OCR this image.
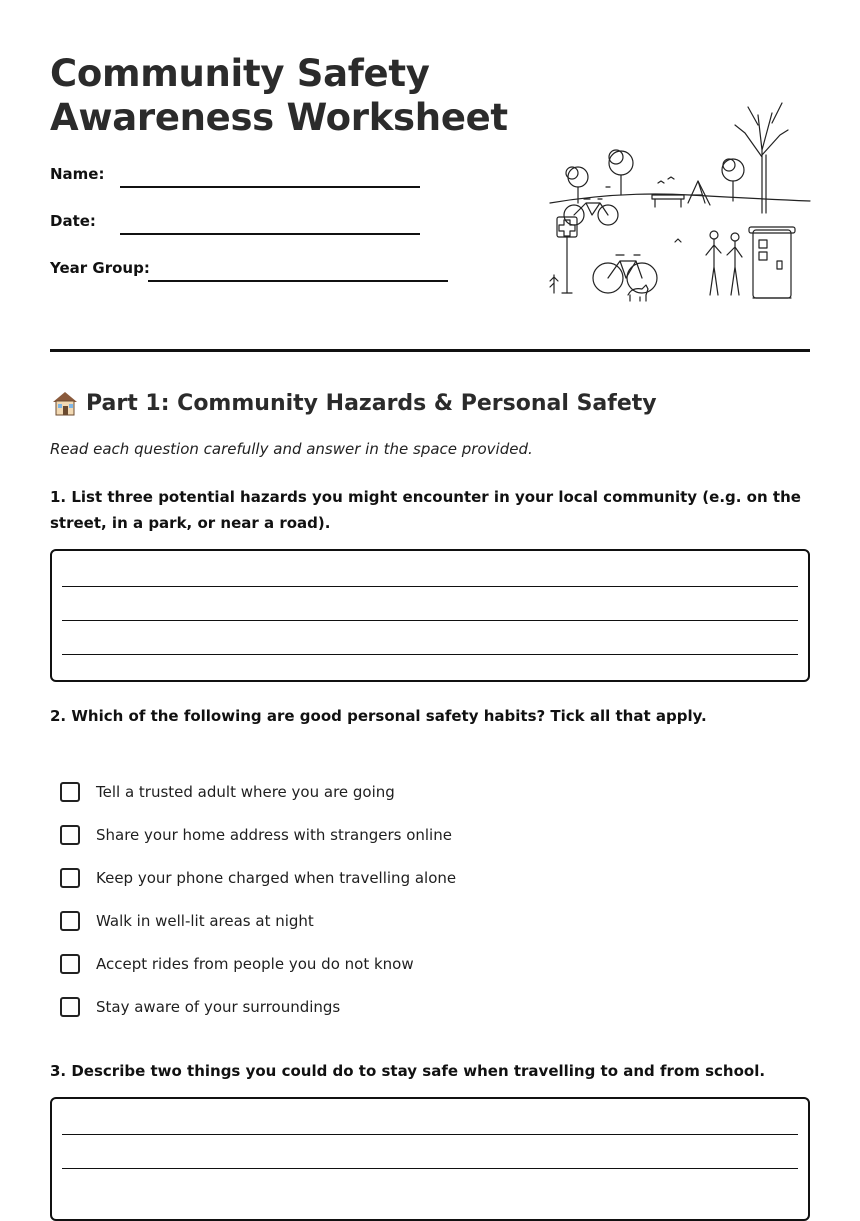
Community Safety
Awareness Worksheet
Name:
Date:
Year Group:
Part 1: Community Hazards & Personal Safety
Read each question carefully and answer in the space provided.
1. List three potential hazards you might encounter in your local community (e.g. on the street, in a park, or near a road).
2. Which of the following are good personal safety habits? Tick all that apply.
Tell a trusted adult where you are going
Share your home address with strangers online
Keep your phone charged when travelling alone
Walk in well-lit areas at night
Accept rides from people you do not know
Stay aware of your surroundings
3. Describe two things you could do to stay safe when travelling to and from school.
